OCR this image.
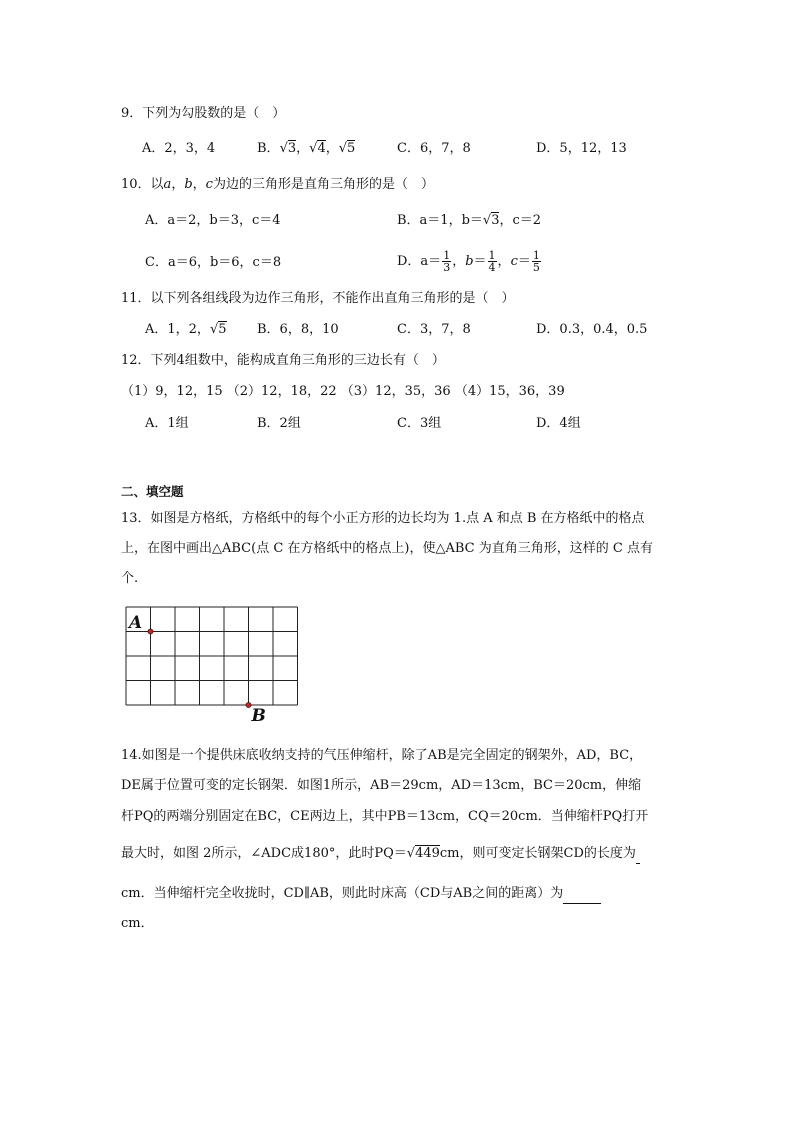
9．下列为勾股数的是（　）
A．2，3，4	B．√3，√4，√5	C．6，7，8	D．5，12，13
10．以a，b，c为边的三角形是直角三角形的是（　）
A．a＝2，b＝3，c＝4	B．a＝1，b＝√3，c＝2
C．a＝6，b＝6，c＝8	D．$a= \frac{1}{3}$ ，$b= \frac{1}{4}$ ，$c= \frac{1}{5}$
11．以下列各组线段为边作三角形，不能作出直角三角形的是（　）
A．1，2，√5 B．6，8，10	C．3，7，8	D．0.3，0.4，0.5
12．下列4组数中，能构成直角三角形的三边长有（　）
（1）9，12，15 （2）12，18，22 （3）12，35，36 （4）15，36，39
A．1组	B．2组	C．3组	D．4组
二、填空题
13．如图是方格纸，方格纸中的每个小正方形的边长均为 1.点 A 和点 B 在方格纸中的格点
上，在图中画出△ABC(点 C 在方格纸中的格点上)，使△ABC 为直角三角形，这样的 C 点有
个.
A
B
14.如图是一个提供床底收纳支持的气压伸缩杆，除了AB是完全固定的钢架外，AD，BC，
DE属于位置可变的定长钢架．如图1所示，AB＝29cm，AD＝13cm，BC＝20cm，伸缩
杆PQ的两端分别固定在BC，CE两边上，其中PB＝13cm，CQ＝20cm．当伸缩杆PQ打开
最大时，如图 2所示，∠ADC成180°，此时PQ＝√449cm，则可变定长钢架CD的长度为
cm．当伸缩杆完全收拢时，CD∥AB，则此时床高（CD与AB之间的距离）为
cm．
